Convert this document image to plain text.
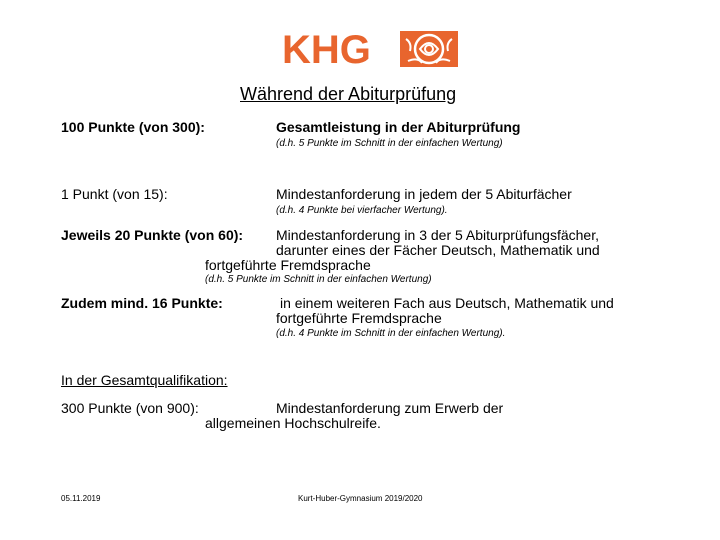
KHG
Während der Abiturprüfung
100 Punkte (von 300):	Gesamtleistung in der Abiturprüfung
(d.h. 5 Punkte im Schnitt in der einfachen Wertung)
1 Punkt (von 15):	Mindestanforderung in jedem der 5 Abiturfächer
(d.h. 4 Punkte bei vierfacher Wertung).
Jeweils 20 Punkte (von 60): Mindestanforderung in 3 der 5 Abiturprüfungsfächer,
darunter eines der Fächer Deutsch, Mathematik und
fortgeführte Fremdsprache
(d.h. 5 Punkte im Schnitt in der einfachen Wertung)
Zudem mind. 16 Punkte:	in einem weiteren Fach aus Deutsch, Mathematik und
fortgeführte Fremdsprache
(d.h. 4 Punkte im Schnitt in der einfachen Wertung).
In der Gesamtqualifikation:
300 Punkte (von 900):	Mindestanforderung zum Erwerb der
allgemeinen Hochschulreife.
05.11.2019	Kurt-Huber-Gymnasium 2019/2020
